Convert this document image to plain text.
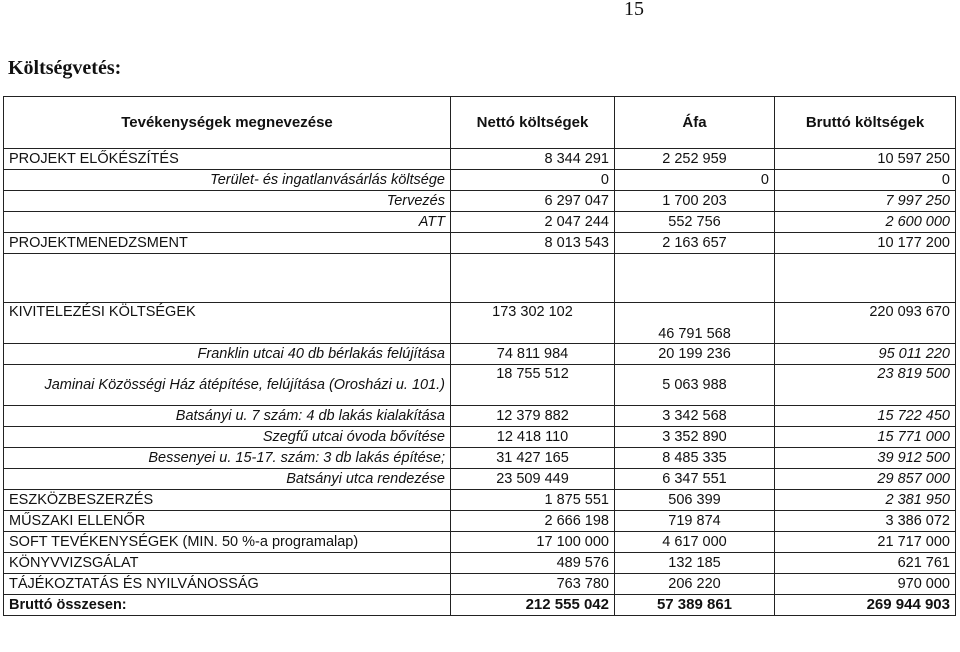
15
Költségvetés:
Tevékenységek megnevezése	Nettó költségek	Áfa	Bruttó költségek
PROJEKT ELŐKÉSZÍTÉS	8 344 291	2 252 959	10 597 250
Terület- és ingatlanvásárlás költsége	0	0	0
Tervezés	6 297 047	1 700 203	7 997 250
ATT	2 047 244	552 756	2 600 000
PROJEKTMENEDZSMENT	8 013 543	2 163 657	10 177 200

KIVITELEZÉSI KÖLTSÉGEK	173 302 102	46 791 568	220 093 670
Franklin utcai 40 db bérlakás felújítása	74 811 984	20 199 236	95 011 220
Jaminai Közösségi Ház átépítése, felújítása (Orosházi u. 101.)	18 755 512	5 063 988	23 819 500
Batsányi u. 7 szám: 4 db lakás kialakítása	12 379 882	3 342 568	15 722 450
Szegfű utcai óvoda bővítése	12 418 110	3 352 890	15 771 000
Bessenyei u. 15-17. szám: 3 db lakás építése;	31 427 165	8 485 335	39 912 500
Batsányi utca rendezése	23 509 449	6 347 551	29 857 000
ESZKÖZBESZERZÉS	1 875 551	506 399	2 381 950
MŰSZAKI ELLENŐR	2 666 198	719 874	3 386 072
SOFT TEVÉKENYSÉGEK (MIN. 50 %-a programalap)	17 100 000	4 617 000	21 717 000
KÖNYVVIZSGÁLAT	489 576	132 185	621 761
TÁJÉKOZTATÁS ÉS NYILVÁNOSSÁG	763 780	206 220	970 000
Bruttó összesen:	212 555 042	57 389 861	269 944 903
